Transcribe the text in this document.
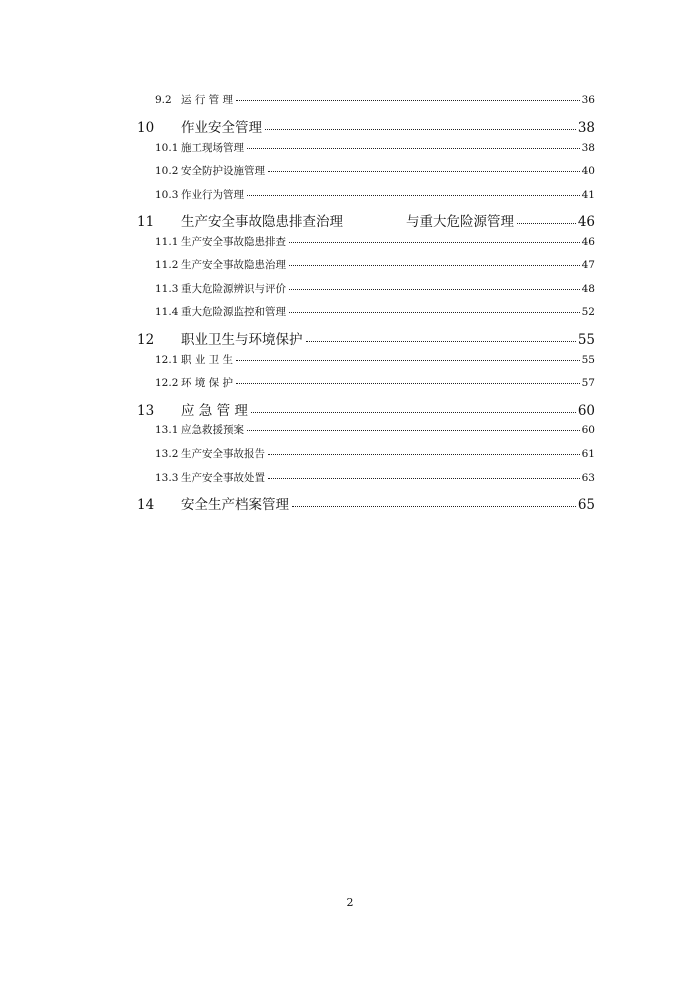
9.2 运 行 管 理	36
10	作业安全管理	38
10.1 施工现场管理	38
10.2 安全防护设施管理	40
10.3 作业行为管理	41
11	生产安全事故隐患排查治理	与重大危险源管理	46
11.1 生产安全事故隐患排查	46
11.2 生产安全事故隐患治理	47
11.3 重大危险源辨识与评价	48
11.4 重大危险源监控和管理	52
12	职业卫生与环境保护	55
12.1 职 业 卫 生	55
12.2 环 境 保 护	57
13	应 急 管 理	60
13.1 应急救援预案	60
13.2 生产安全事故报告	61
13.3 生产安全事故处置	63
14	安全生产档案管理	65
2
